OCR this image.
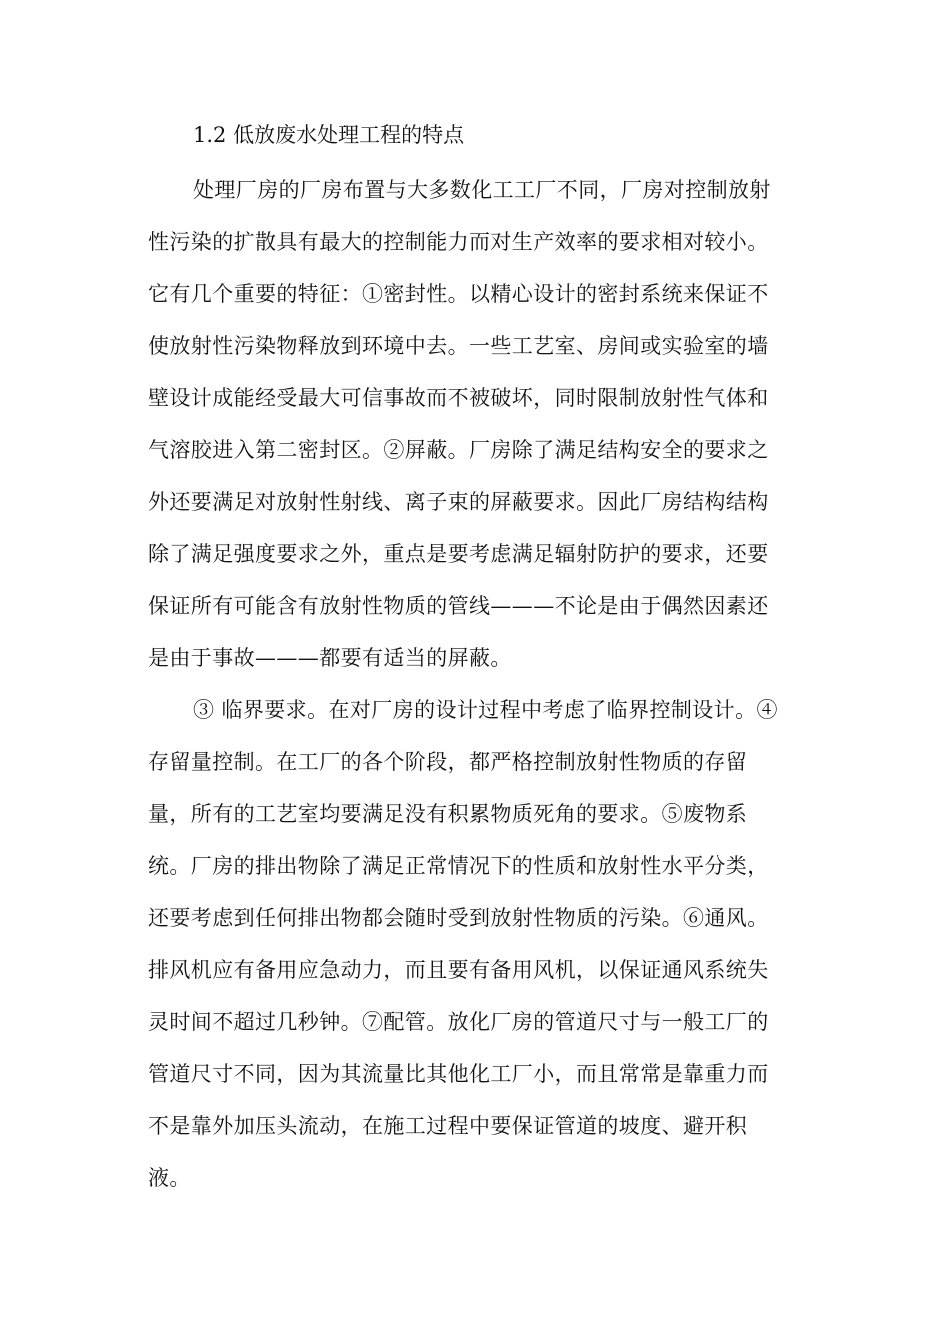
1.2 低放废水处理工程的特点
处理厂房的厂房布置与大多数化工工厂不同，厂房对控制放射
性污染的扩散具有最大的控制能力而对生产效率的要求相对较小。
它有几个重要的特征：①密封性。以精心设计的密封系统来保证不
使放射性污染物释放到环境中去。一些工艺室、房间或实验室的墙
壁设计成能经受最大可信事故而不被破坏，同时限制放射性气体和
气溶胶进入第二密封区。②屏蔽。厂房除了满足结构安全的要求之
外还要满足对放射性射线、离子束的屏蔽要求。因此厂房结构结构
除了满足强度要求之外，重点是要考虑满足辐射防护的要求，还要
保证所有可能含有放射性物质的管线———不论是由于偶然因素还
是由于事故———都要有适当的屏蔽。
③ 临界要求。在对厂房的设计过程中考虑了临界控制设计。④
存留量控制。在工厂的各个阶段，都严格控制放射性物质的存留
量，所有的工艺室均要满足没有积累物质死角的要求。⑤废物系
统。厂房的排出物除了满足正常情况下的性质和放射性水平分类，
还要考虑到任何排出物都会随时受到放射性物质的污染。⑥通风。
排风机应有备用应急动力，而且要有备用风机，以保证通风系统失
灵时间不超过几秒钟。⑦配管。放化厂房的管道尺寸与一般工厂的
管道尺寸不同，因为其流量比其他化工厂小，而且常常是靠重力而
不是靠外加压头流动，在施工过程中要保证管道的坡度、避开积
液。
